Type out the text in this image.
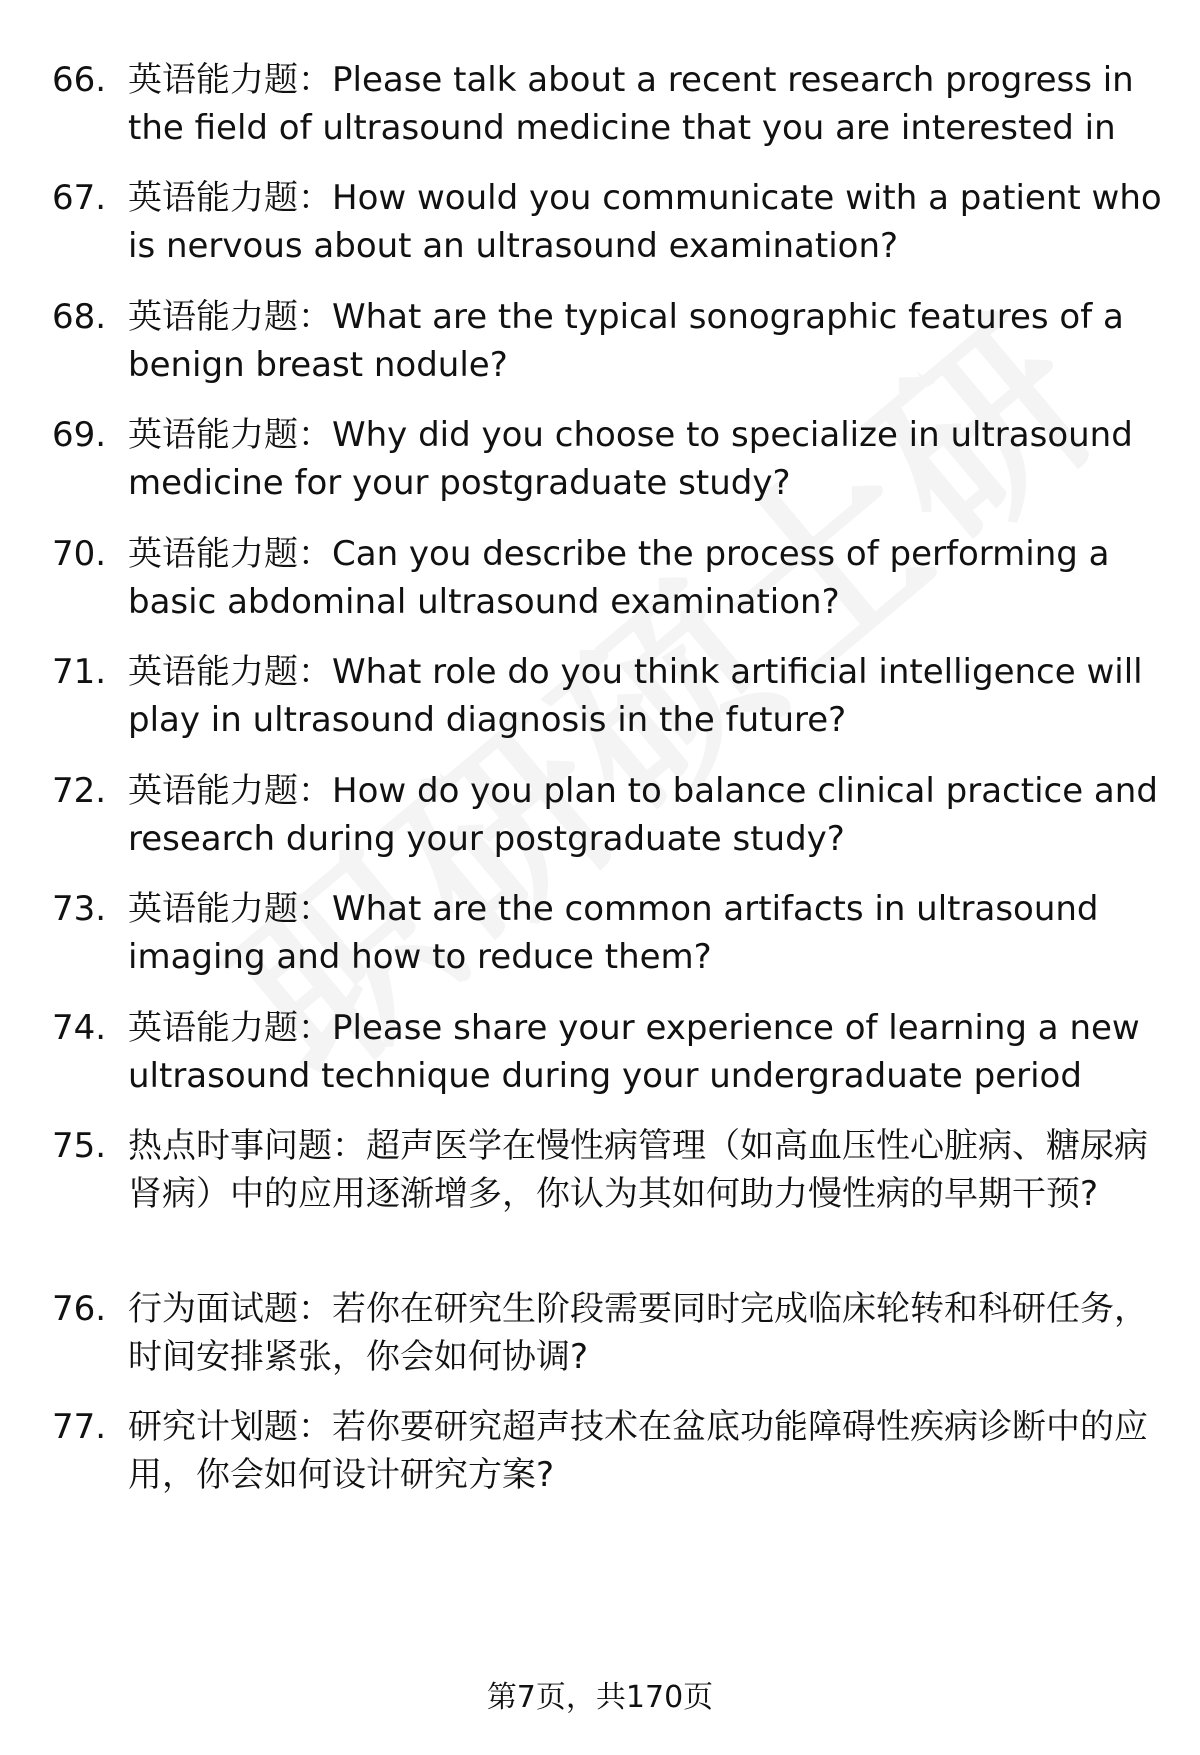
66. 英语能力题：Please talk about a recent research progress in the field of ultrasound medicine that you are interested in
67. 英语能力题：How would you communicate with a patient who is nervous about an ultrasound examination?
68. 英语能力题：What are the typical sonographic features of a benign breast nodule?
69. 英语能力题：Why did you choose to specialize in ultrasound medicine for your postgraduate study?
70. 英语能力题：Can you describe the process of performing a basic abdominal ultrasound examination?
71. 英语能力题：What role do you think artificial intelligence will play in ultrasound diagnosis in the future?
72. 英语能力题：How do you plan to balance clinical practice and research during your postgraduate study?
73. 英语能力题：What are the common artifacts in ultrasound imaging and how to reduce them?
74. 英语能力题：Please share your experience of learning a new ultrasound technique during your undergraduate period
75. 热点时事问题：超声医学在慢性病管理（如高血压性心脏病、糖尿病肾病）中的应用逐渐增多，你认为其如何助力慢性病的早期干预?
76. 行为面试题：若你在研究生阶段需要同时完成临床轮转和科研任务，时间安排紧张，你会如何协调?
77. 研究计划题：若你要研究超声技术在盆底功能障碍性疾病诊断中的应用，你会如何设计研究方案?
第7页，共170页
